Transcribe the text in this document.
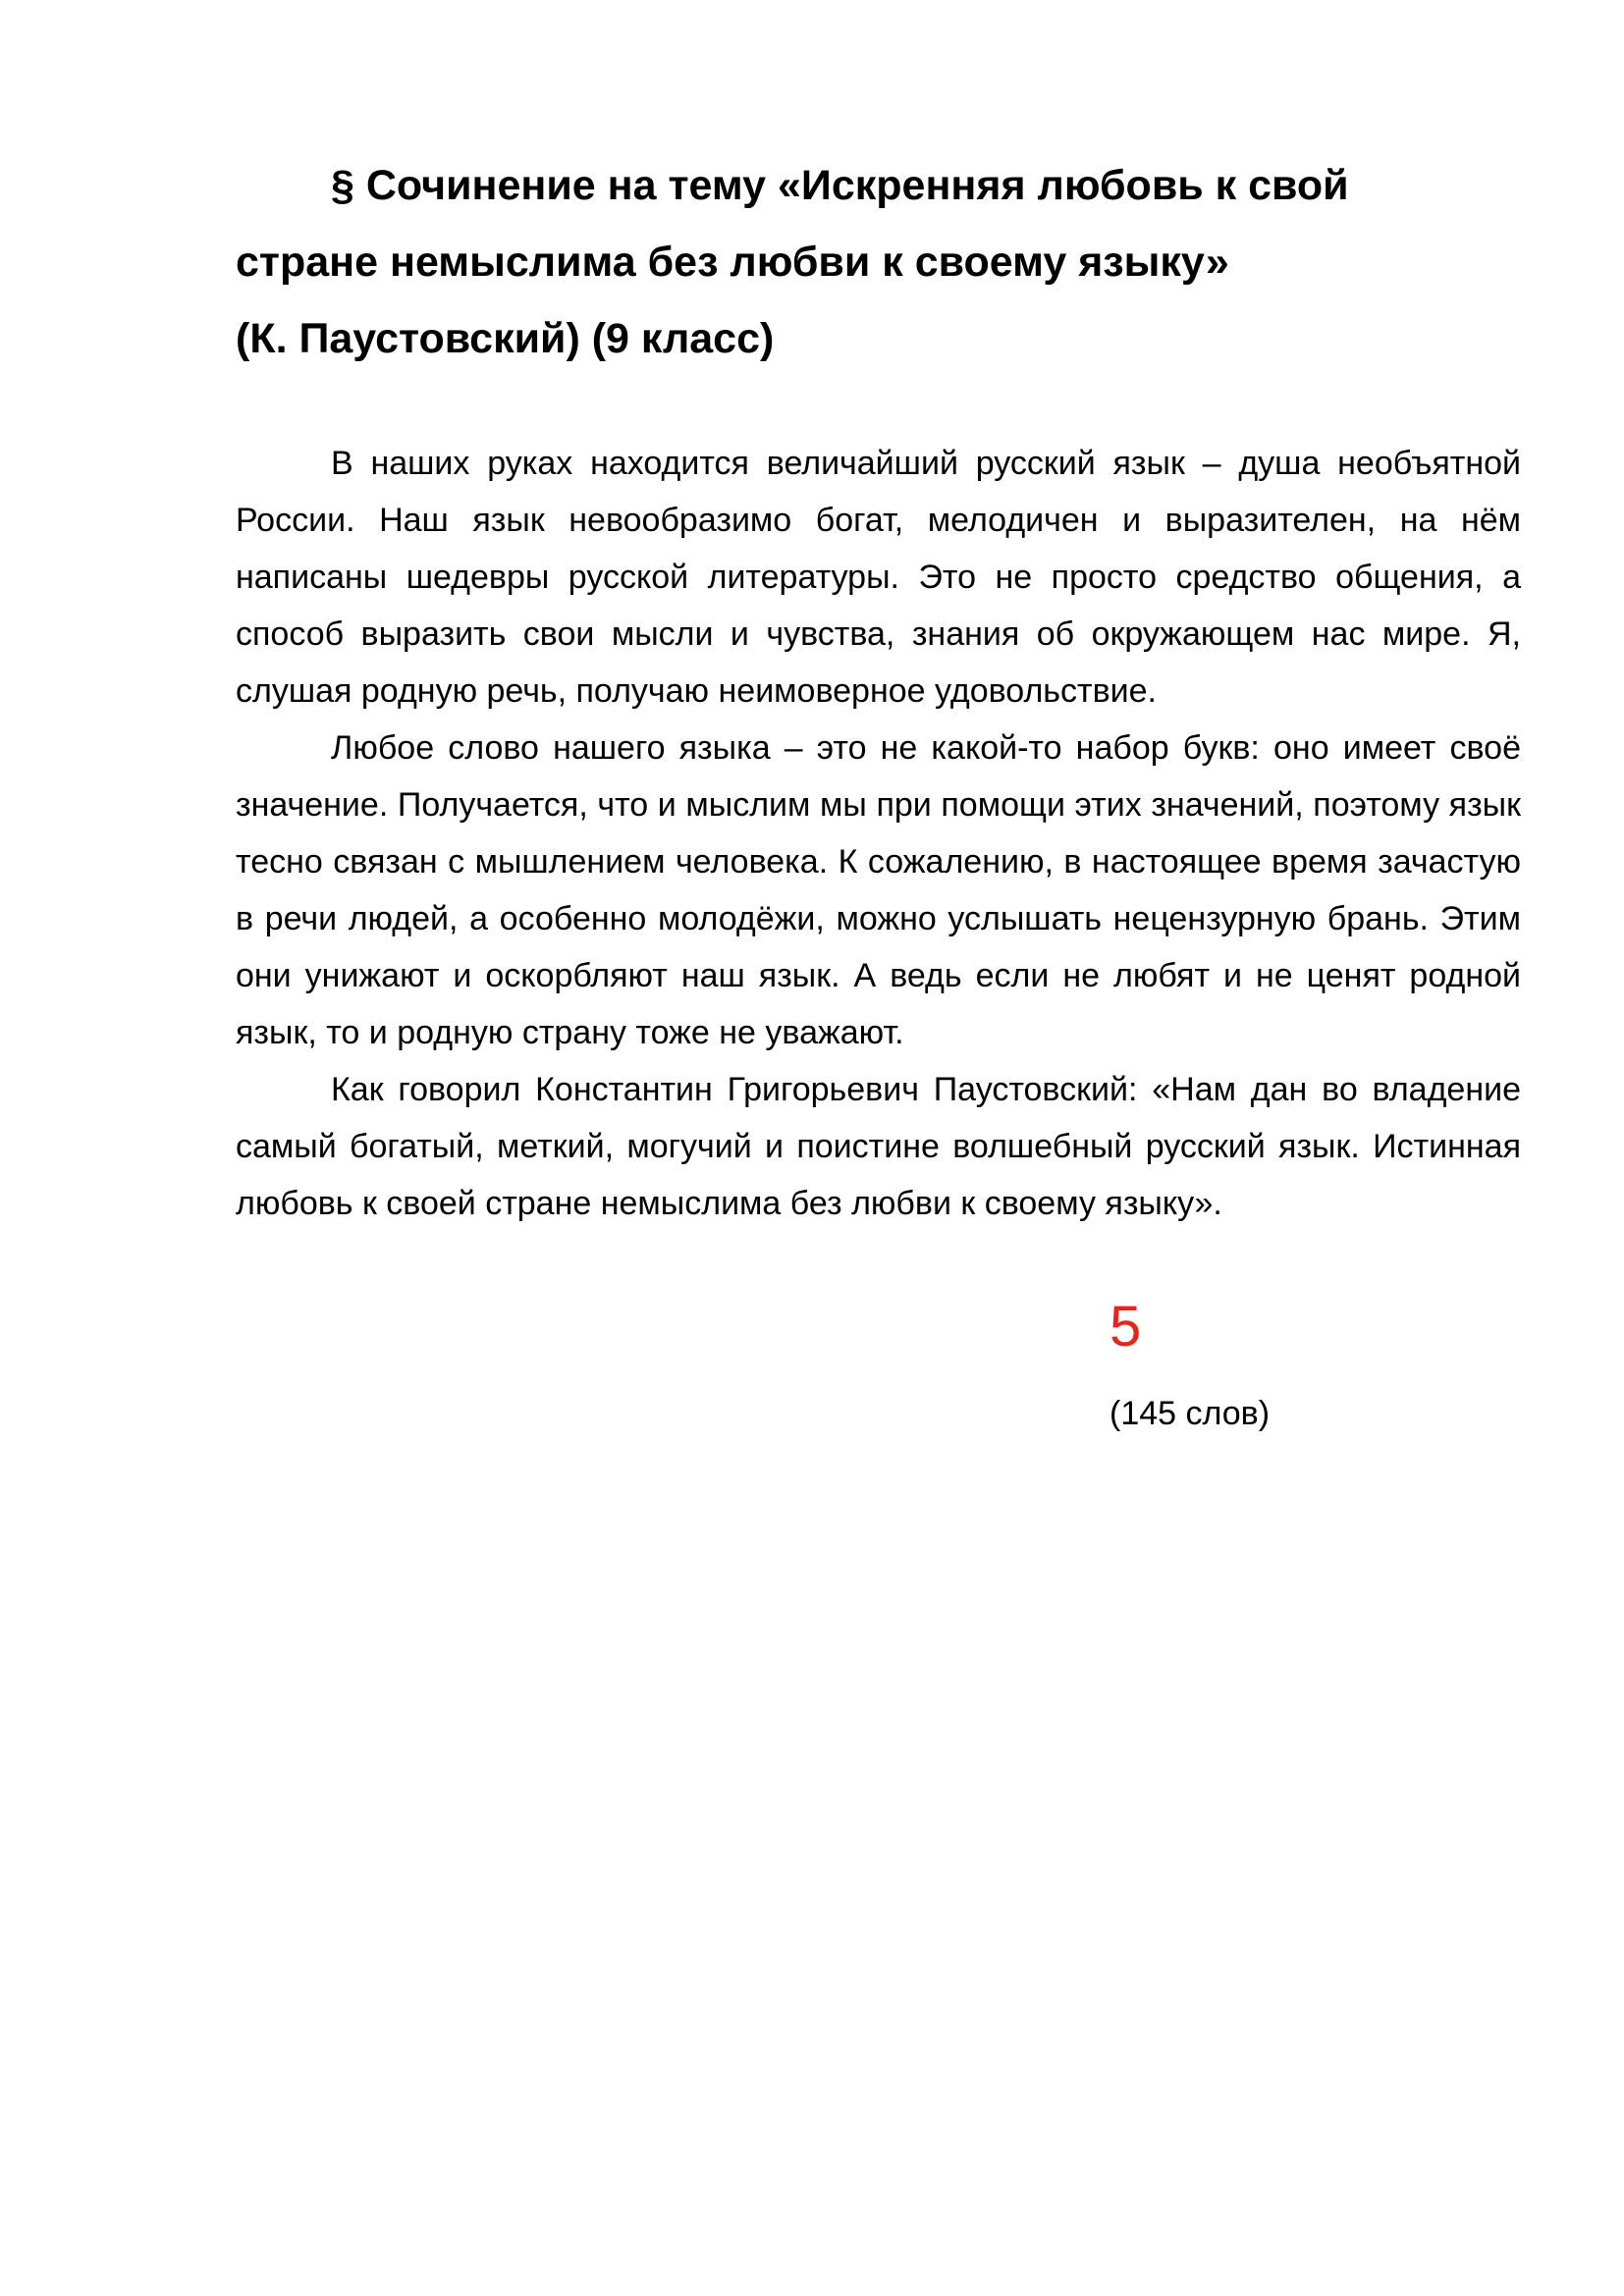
§ Сочинение на тему «Искренняя любовь к свой
стране немыслима без любви к своему языку»
(К. Паустовский) (9 класс)

В наших руках находится величайший русский язык – душа необъятной России. Наш язык невообразимо богат, мелодичен и выразителен, на нём написаны шедевры русской литературы. Это не просто средство общения, а способ выразить свои мысли и чувства, знания об окружающем нас мире. Я, слушая родную речь, получаю неимоверное удовольствие.

Любое слово нашего языка – это не какой-то набор букв: оно имеет своё значение. Получается, что и мыслим мы при помощи этих значений, поэтому язык тесно связан с мышлением человека. К сожалению, в настоящее время зачастую в речи людей, а особенно молодёжи, можно услышать нецензурную брань. Этим они унижают и оскорбляют наш язык. А ведь если не любят и не ценят родной язык, то и родную страну тоже не уважают.

Как говорил Константин Григорьевич Паустовский: «Нам дан во владение самый богатый, меткий, могучий и поистине волшебный русский язык. Истинная любовь к своей стране немыслима без любви к своему языку».

5
(145 слов)
